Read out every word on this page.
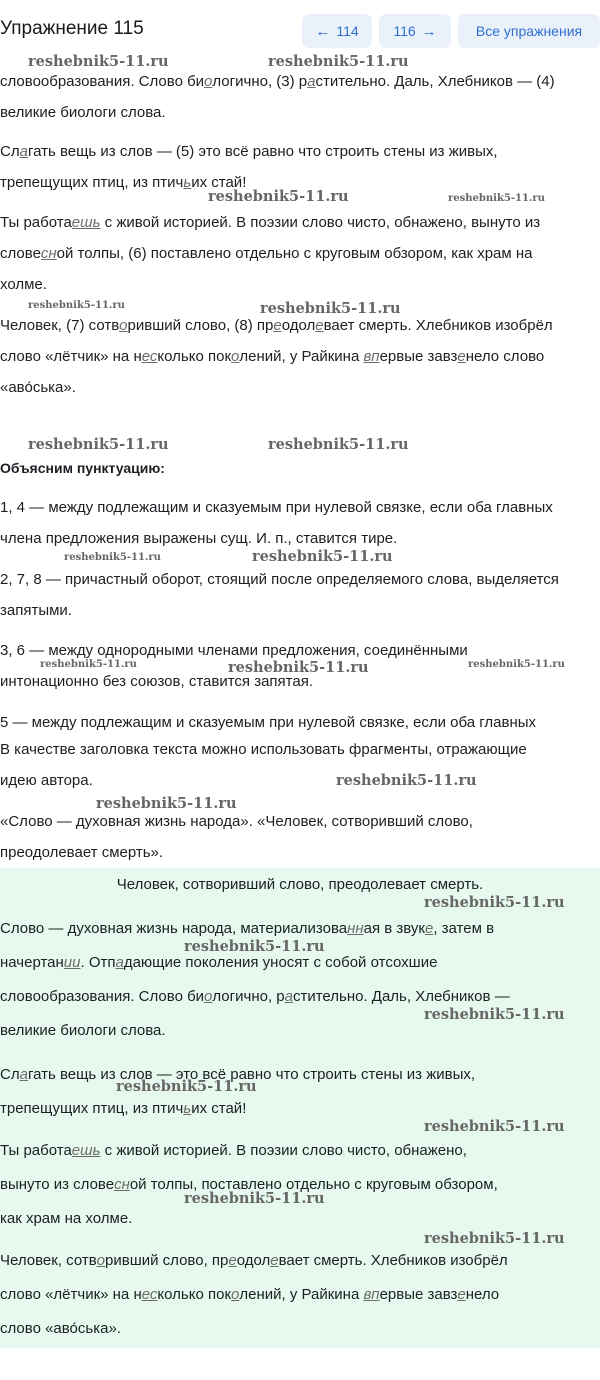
Упражнение 115	← 114 116 →	Все упражнения
reshebnik5-11.ru	reshebnik5-11.ru
reshebnik5-11.ru	reshebnik5-11.ru
reshebnik5-11.ru	reshebnik5-11.ru
reshebnik5-11.ru	reshebnik5-11.ru
reshebnik5-11.ru	reshebnik5-11.ru
reshebnik5-11.ru	reshebnik5-11.ru	reshebnik5-11.ru
reshebnik5-11.ru
reshebnik5-11.ru

словообразования. Слово биологично, (3) растительно. Даль, Хлебников — (4)
великие биологи слова.

Слагать вещь из слов — (5) это всё равно что строить стены из живых,
трепещущих птиц, из птичьих стай!

Ты работаешь с живой историей. В поэзии слово чисто, обнажено, вынуто из
словесной толпы, (6) поставлено отдельно с круговым обзором, как храм на
холме.

Человек, (7) сотворивший слово, (8) преодолевает смерть. Хлебников изобрёл
слово «лётчик» на несколько поколений, у Райкина впервые завзенело слово
«аво́ська».

Объясним пунктуацию:

1, 4 — между подлежащим и сказуемым при нулевой связке, если оба главных
члена предложения выражены сущ. И. п., ставится тире.

2, 7, 8 — причастный оборот, стоящий после определяемого слова, выделяется
запятыми.

3, 6 — между однородными членами предложения, соединёнными
интонационно без союзов, ставится запятая.

5 — между подлежащим и сказуемым при нулевой связке, если оба главных

В качестве заголовка текста можно использовать фрагменты, отражающие
идею автора.

«Слово — духовная жизнь народа». «Человек, сотворивший слово,
преодолевает смерть».

Человек, сотворивший слово, преодолевает смерть.
reshebnik5-11.ru
reshebnik5-11.ru
reshebnik5-11.ru
reshebnik5-11.ru
reshebnik5-11.ru
reshebnik5-11.ru
reshebnik5-11.ru

Слово — духовная жизнь народа, материализованная в звуке, затем в
начертании. Отпадающие поколения уносят с собой отсохшие
словообразования. Слово биологично, растительно. Даль, Хлебников —
великие биологи слова.

Слагать вещь из слов — это всё равно что строить стены из живых,
трепещущих птиц, из птичьих стай!

Ты работаешь с живой историей. В поэзии слово чисто, обнажено,
вынуто из словесной толпы, поставлено отдельно с круговым обзором,
как храм на холме.

Человек, сотворивший слово, преодолевает смерть. Хлебников изобрёл
слово «лётчик» на несколько поколений, у Райкина впервые завзенело
слово «аво́ська».
